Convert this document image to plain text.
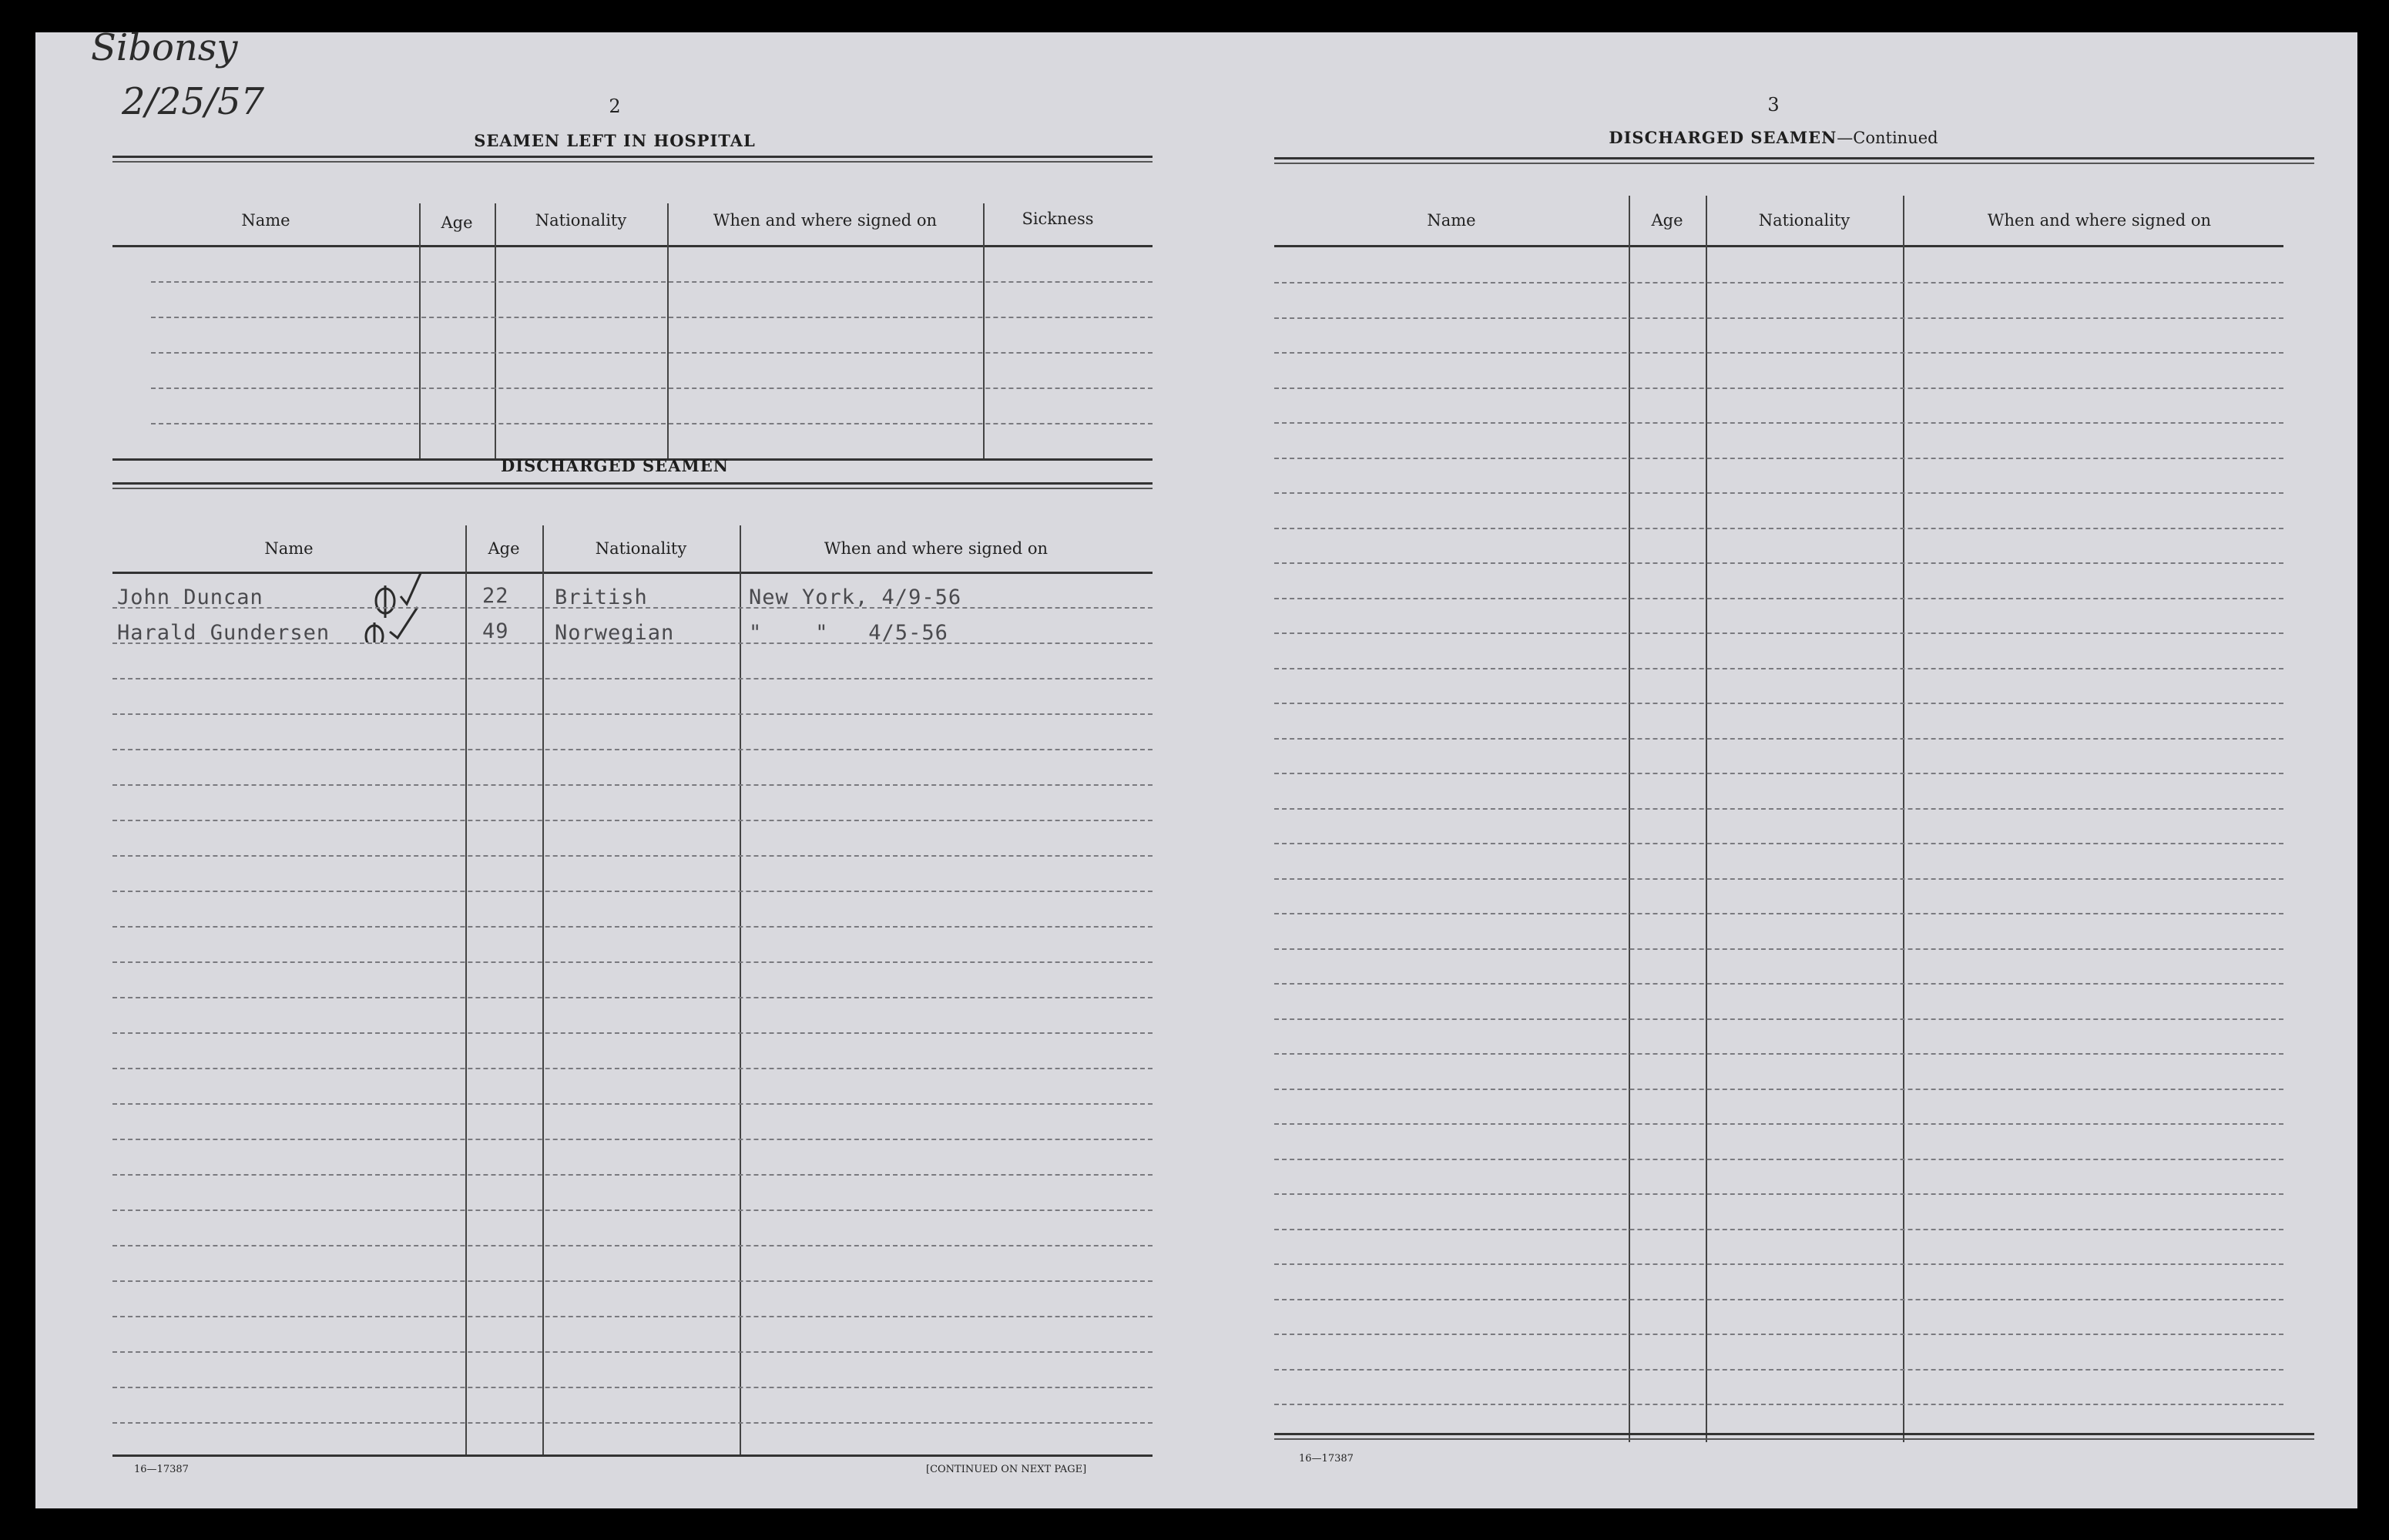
Sibonsy
2/25/57	2
SEAMEN LEFT IN HOSPITAL
Name	Age	Nationality	When and where signed on	Sickness
DISCHARGED SEAMEN
Name	Age	Nationality	When and where signed on
John Duncan	22 British	New York, 4/9-56
Harald Gundersen	49 Norwegian	"    "   4/5-56
16—17387	[CONTINUED ON NEXT PAGE]
3
DISCHARGED SEAMEN—Continued
Name	Age	Nationality	When and where signed on
16—17387
